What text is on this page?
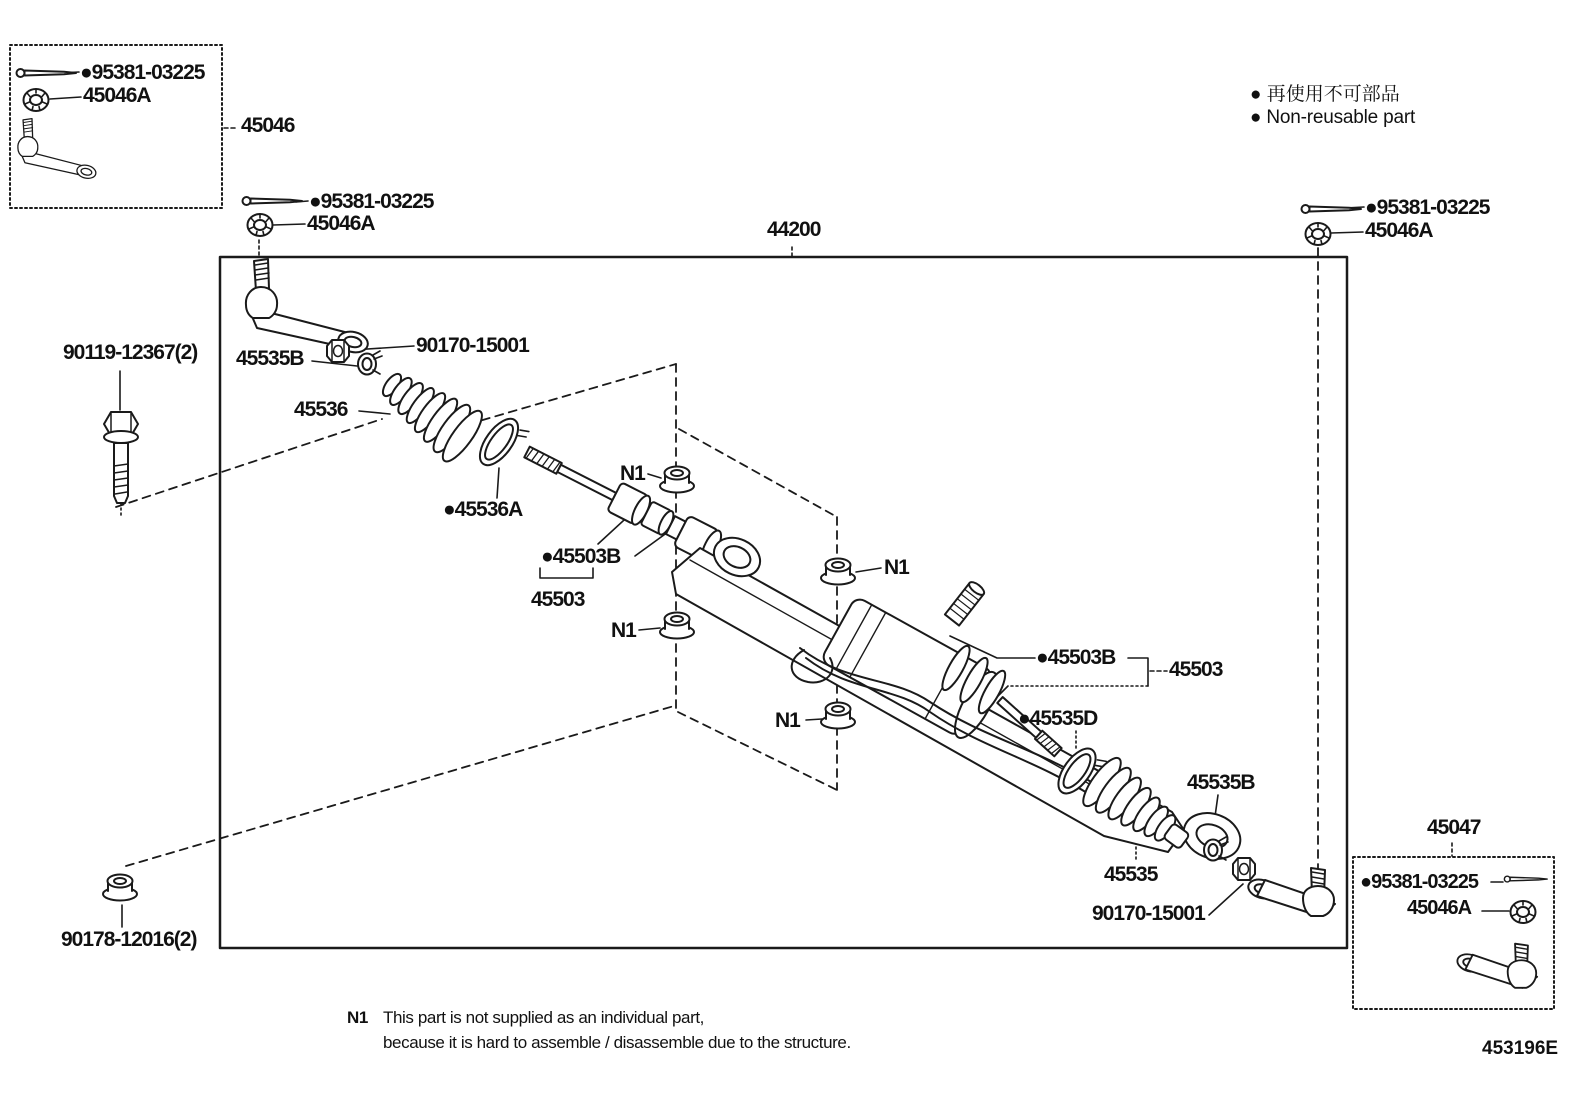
●95381-03225
45046A
45046
●95381-03225
45046A
● 再使用不可部品
● Non-reusable part
●95381-03225
45046A
44200
90119-12367(2)	90170-15001
45535B
45536
●45536A
N1
N1
N1
N1
●45503B
45503
●45503B
45503
●45535D
45535B
45535
90170-15001
45047
●95381-03225
45046A
90178-12016(2)
N1 This part is not supplied as an individual part,
because it is hard to assemble / disassemble due to the structure.	453196E
